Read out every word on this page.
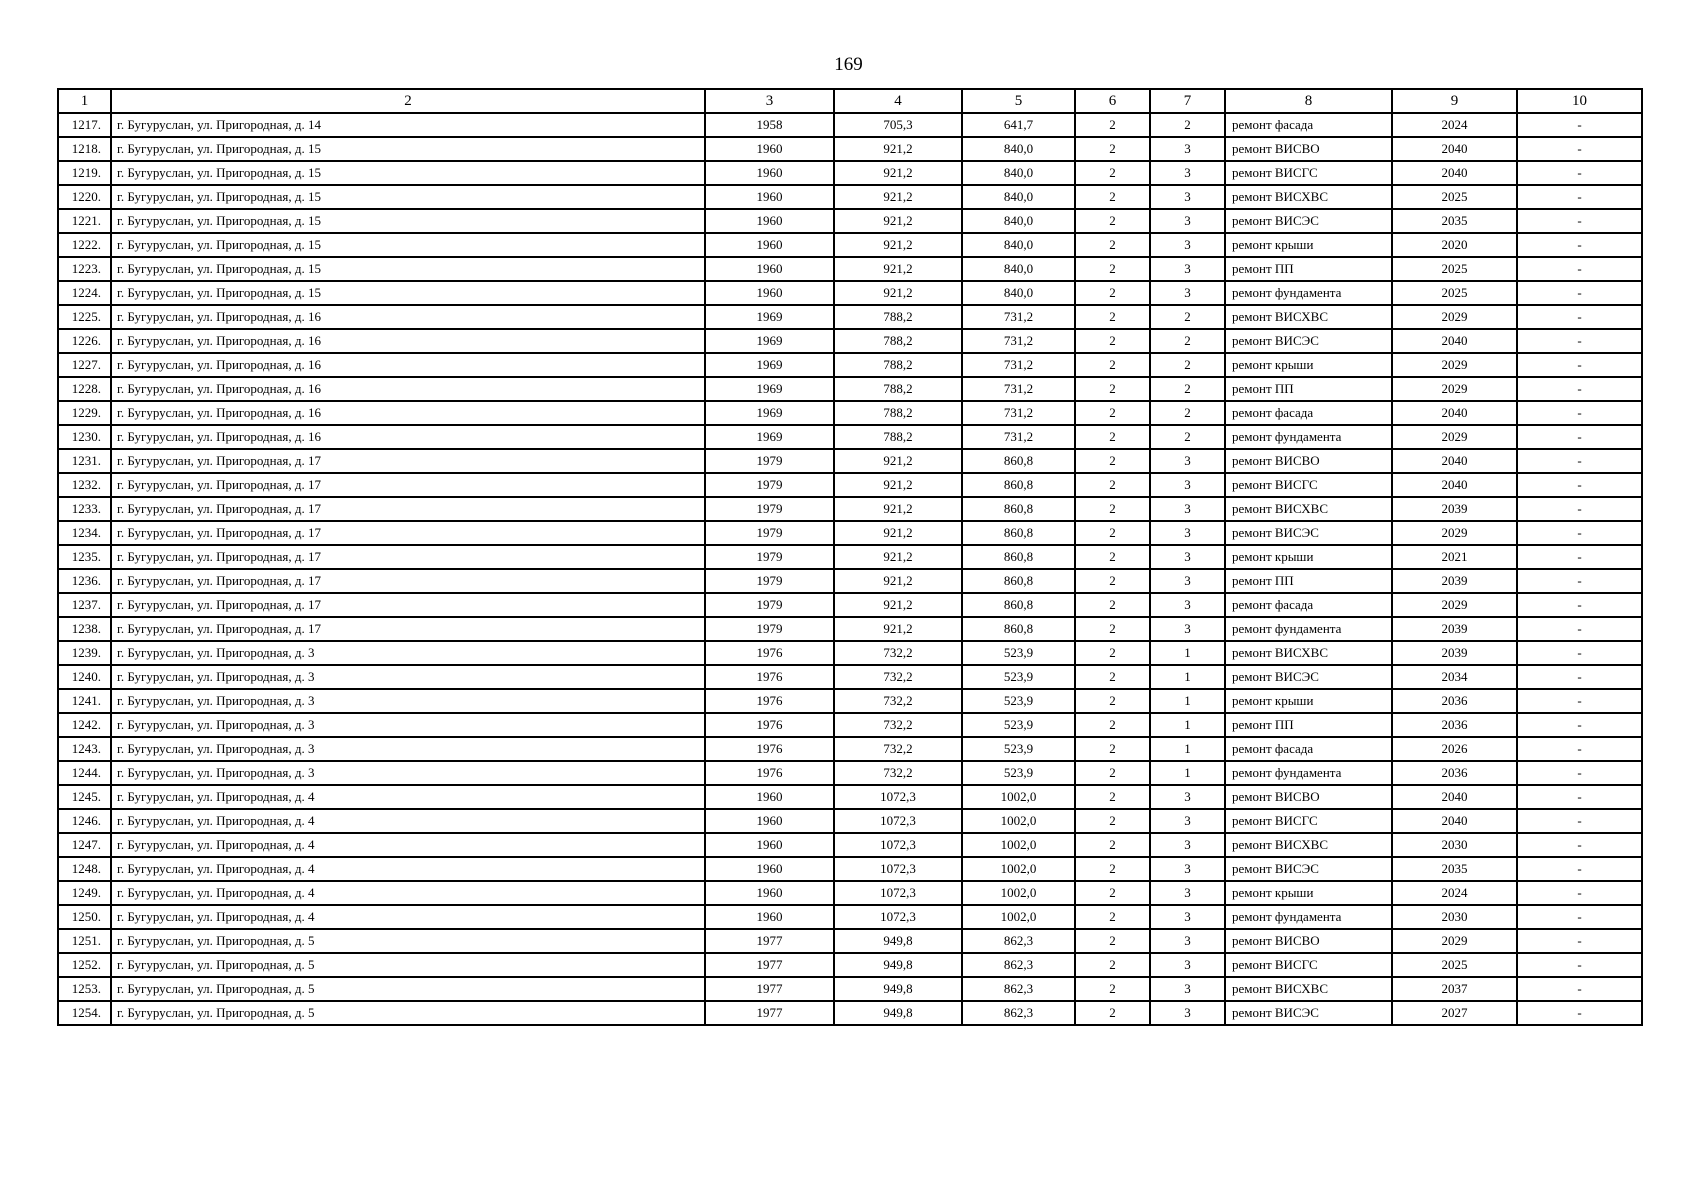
169
1	2	3	4	5	6	7	8	9	10
1217.	г. Бугуруслан, ул. Пригородная, д. 14	1958	705,3	641,7	2	2	ремонт фасада	2024	-
1218.	г. Бугуруслан, ул. Пригородная, д. 15	1960	921,2	840,0	2	3	ремонт ВИСВО	2040	-
1219.	г. Бугуруслан, ул. Пригородная, д. 15	1960	921,2	840,0	2	3	ремонт ВИСГС	2040	-
1220.	г. Бугуруслан, ул. Пригородная, д. 15	1960	921,2	840,0	2	3	ремонт ВИСХВС	2025	-
1221.	г. Бугуруслан, ул. Пригородная, д. 15	1960	921,2	840,0	2	3	ремонт ВИСЭС	2035	-
1222.	г. Бугуруслан, ул. Пригородная, д. 15	1960	921,2	840,0	2	3	ремонт крыши	2020	-
1223.	г. Бугуруслан, ул. Пригородная, д. 15	1960	921,2	840,0	2	3	ремонт ПП	2025	-
1224.	г. Бугуруслан, ул. Пригородная, д. 15	1960	921,2	840,0	2	3	ремонт фундамента	2025	-
1225.	г. Бугуруслан, ул. Пригородная, д. 16	1969	788,2	731,2	2	2	ремонт ВИСХВС	2029	-
1226.	г. Бугуруслан, ул. Пригородная, д. 16	1969	788,2	731,2	2	2	ремонт ВИСЭС	2040	-
1227.	г. Бугуруслан, ул. Пригородная, д. 16	1969	788,2	731,2	2	2	ремонт крыши	2029	-
1228.	г. Бугуруслан, ул. Пригородная, д. 16	1969	788,2	731,2	2	2	ремонт ПП	2029	-
1229.	г. Бугуруслан, ул. Пригородная, д. 16	1969	788,2	731,2	2	2	ремонт фасада	2040	-
1230.	г. Бугуруслан, ул. Пригородная, д. 16	1969	788,2	731,2	2	2	ремонт фундамента	2029	-
1231.	г. Бугуруслан, ул. Пригородная, д. 17	1979	921,2	860,8	2	3	ремонт ВИСВО	2040	-
1232.	г. Бугуруслан, ул. Пригородная, д. 17	1979	921,2	860,8	2	3	ремонт ВИСГС	2040	-
1233.	г. Бугуруслан, ул. Пригородная, д. 17	1979	921,2	860,8	2	3	ремонт ВИСХВС	2039	-
1234.	г. Бугуруслан, ул. Пригородная, д. 17	1979	921,2	860,8	2	3	ремонт ВИСЭС	2029	-
1235.	г. Бугуруслан, ул. Пригородная, д. 17	1979	921,2	860,8	2	3	ремонт крыши	2021	-
1236.	г. Бугуруслан, ул. Пригородная, д. 17	1979	921,2	860,8	2	3	ремонт ПП	2039	-
1237.	г. Бугуруслан, ул. Пригородная, д. 17	1979	921,2	860,8	2	3	ремонт фасада	2029	-
1238.	г. Бугуруслан, ул. Пригородная, д. 17	1979	921,2	860,8	2	3	ремонт фундамента	2039	-
1239.	г. Бугуруслан, ул. Пригородная, д. 3	1976	732,2	523,9	2	1	ремонт ВИСХВС	2039	-
1240.	г. Бугуруслан, ул. Пригородная, д. 3	1976	732,2	523,9	2	1	ремонт ВИСЭС	2034	-
1241.	г. Бугуруслан, ул. Пригородная, д. 3	1976	732,2	523,9	2	1	ремонт крыши	2036	-
1242.	г. Бугуруслан, ул. Пригородная, д. 3	1976	732,2	523,9	2	1	ремонт ПП	2036	-
1243.	г. Бугуруслан, ул. Пригородная, д. 3	1976	732,2	523,9	2	1	ремонт фасада	2026	-
1244.	г. Бугуруслан, ул. Пригородная, д. 3	1976	732,2	523,9	2	1	ремонт фундамента	2036	-
1245.	г. Бугуруслан, ул. Пригородная, д. 4	1960	1072,3	1002,0	2	3	ремонт ВИСВО	2040	-
1246.	г. Бугуруслан, ул. Пригородная, д. 4	1960	1072,3	1002,0	2	3	ремонт ВИСГС	2040	-
1247.	г. Бугуруслан, ул. Пригородная, д. 4	1960	1072,3	1002,0	2	3	ремонт ВИСХВС	2030	-
1248.	г. Бугуруслан, ул. Пригородная, д. 4	1960	1072,3	1002,0	2	3	ремонт ВИСЭС	2035	-
1249.	г. Бугуруслан, ул. Пригородная, д. 4	1960	1072,3	1002,0	2	3	ремонт крыши	2024	-
1250.	г. Бугуруслан, ул. Пригородная, д. 4	1960	1072,3	1002,0	2	3	ремонт фундамента	2030	-
1251.	г. Бугуруслан, ул. Пригородная, д. 5	1977	949,8	862,3	2	3	ремонт ВИСВО	2029	-
1252.	г. Бугуруслан, ул. Пригородная, д. 5	1977	949,8	862,3	2	3	ремонт ВИСГС	2025	-
1253.	г. Бугуруслан, ул. Пригородная, д. 5	1977	949,8	862,3	2	3	ремонт ВИСХВС	2037	-
1254.	г. Бугуруслан, ул. Пригородная, д. 5	1977	949,8	862,3	2	3	ремонт ВИСЭС	2027	-
